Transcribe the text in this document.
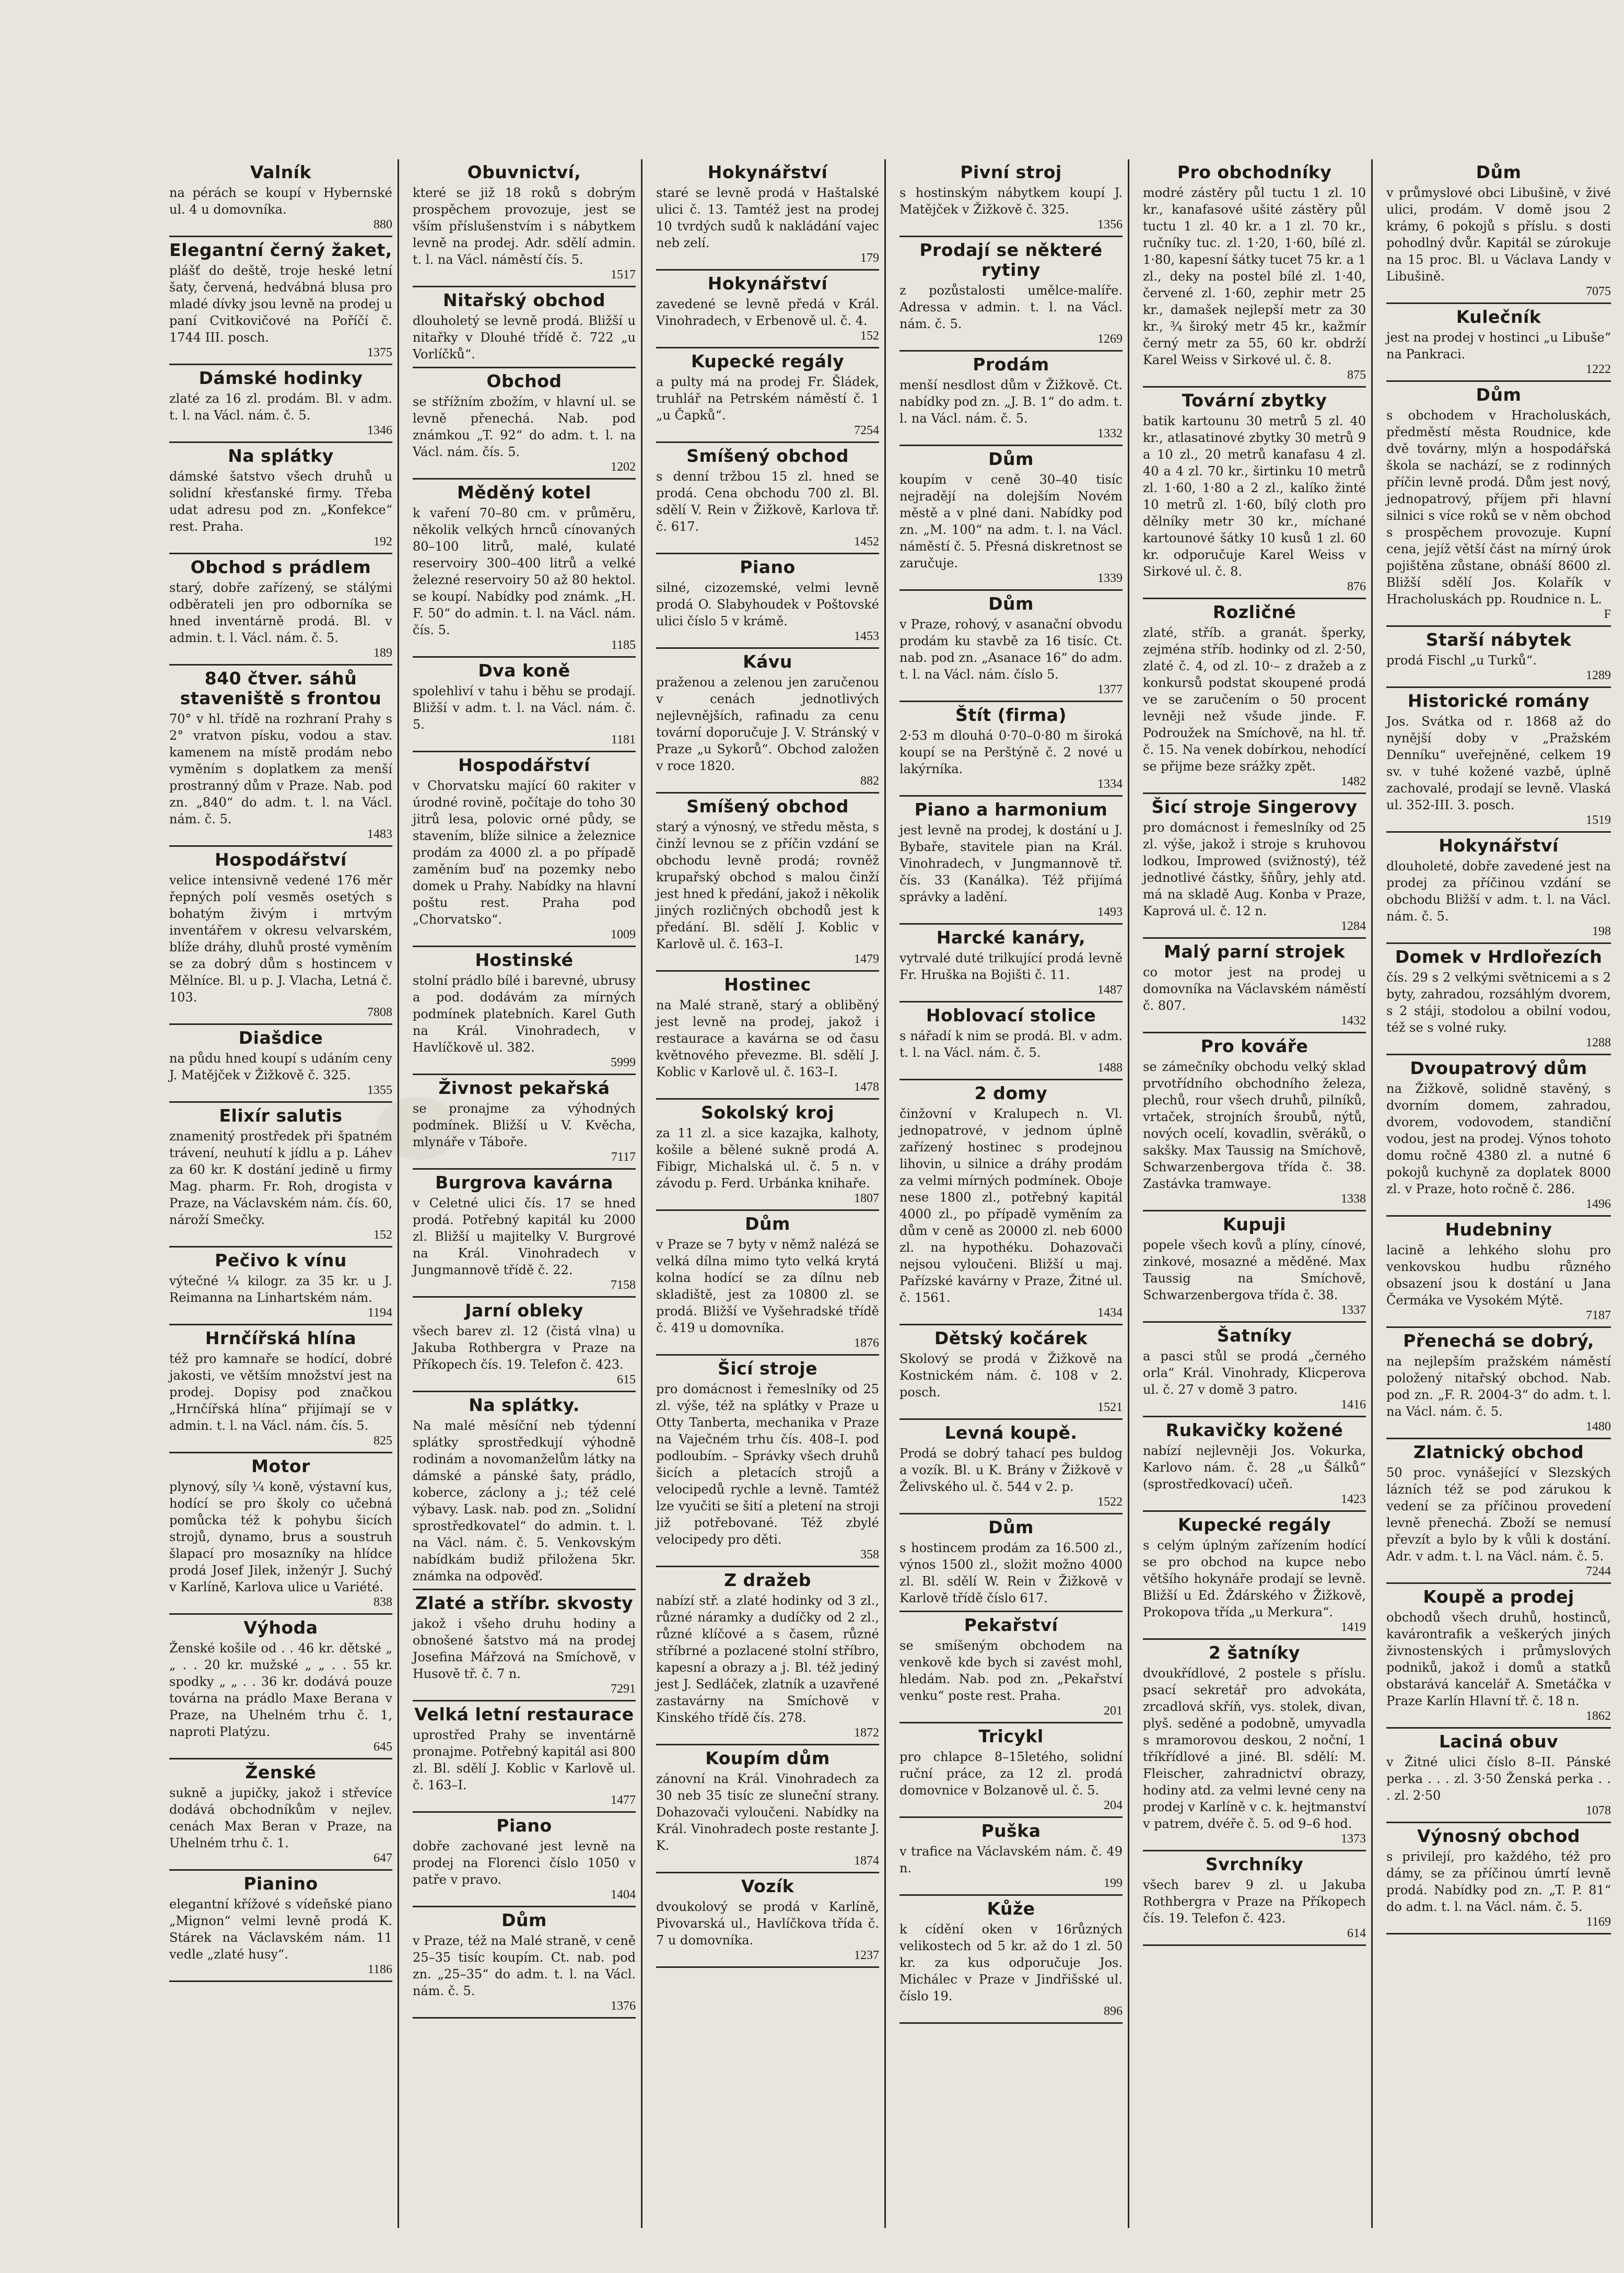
Valník

na pérách se koupí v Hybernské ul. 4 u domovníka.

880
Elegantní černý žaket,

plášť do deště, troje heské letní šaty, červená, hedvábná blusa pro mladé dívky jsou levně na prodej u paní Cvitkovičové na Poříčí č. 1744 III. posch.

1375
Dámské hodinky

zlaté za 16 zl. prodám. Bl. v adm. t. l. na Václ. nám. č. 5.

1346
Na splátky

dámské šatstvo všech druhů u solidní křesťanské firmy. Třeba udat adresu pod zn. „Konfekce“ rest. Praha.

192
Obchod s prádlem

starý, dobře zařízený, se stálými odběrateli jen pro odborníka se hned inventárně prodá. Bl. v admin. t. l. Václ. nám. č. 5.

189
840 čtver. sáhů staveniště s frontou

70° v hl. třídě na rozhraní Prahy s 2° vratvon písku, vodou a stav. kamenem na místě prodám nebo vyměním s doplatkem za menší prostranný dům v Praze. Nab. pod zn. „840“ do adm. t. l. na Václ. nám. č. 5.

1483
Hospodářství

velice intensivně vedené 176 měr řepných polí vesměs osetých s bohatým živým i mrtvým inventářem v okresu velvarském, blíže dráhy, dluhů prosté vyměním se za dobrý dům s hostincem v Mělníce. Bl. u p. J. Vlacha, Letná č. 103.

7808
Diašdice

na půdu hned koupí s udáním ceny J. Matějček v Žižkově č. 325.

1355
Elixír salutis

znamenitý prostředek při špatném trávení, neuhutí k jídlu a p. Láhev za 60 kr. K dostání jedině u firmy Mag. pharm. Fr. Roh, drogista v Praze, na Václavském nám. čís. 60, nároží Smečky.

152
Pečivo k vínu

výtečné ¼ kilogr. za 35 kr. u J. Reimanna na Linhartském nám.

1194
Hrnčířská hlína

též pro kamnaře se hodící, dobré jakosti, ve větším množství jest na prodej. Dopisy pod značkou „Hrnčířská hlína“ přijímají se v admin. t. l. na Václ. nám. čís. 5.

825
Motor

plynový, síly ¼ koně, výstavní kus, hodící se pro školy co učebná pomůcka též k pohybu šicích strojů, dynamo, brus a soustruh šlapací pro mosazníky na hlídce prodá Josef Jilek, inženýr J. Suchý v Karlíně, Karlova ulice u Variété.

838
Výhoda

Ženské košile od . . 46 kr. dětské „ „ . . 20 kr. mužské „ „ . . 55 kr. spodky „ „ . . 36 kr. dodává pouze továrna na prádlo Maxe Berana v Praze, na Uhelném trhu č. 1, naproti Platýzu.

645
Ženské

sukně a jupičky, jakož i střevíce dodává obchodníkům v nejlev. cenách Max Beran v Praze, na Uhelném trhu č. 1.

647
Pianino

elegantní křížové s vídeňské piano „Mignon“ velmi levně prodá K. Stárek na Václavském nám. 11 vedle „zlaté husy“.

1186
Obuvnictví,

které se již 18 roků s dobrým prospěchem provozuje, jest se vším příslušenstvím i s nábytkem levně na prodej. Adr. sdělí admin. t. l. na Václ. náměstí čís. 5.

1517
Nitařský obchod

dlouholetý se levně prodá. Bližší u nitařky v Dlouhé třídě č. 722 „u Vorlíčků“.

Obchod

se střížním zbožím, v hlavní ul. se levně přenechá. Nab. pod známkou „T. 92“ do adm. t. l. na Václ. nám. čís. 5.

1202
Měděný kotel

k vaření 70–80 cm. v průměru, několik velkých hrnců cínovaných 80–100 litrů, malé, kulaté reservoiry 300–400 litrů a velké železné reservoiry 50 až 80 hektol. se koupí. Nabídky pod známk. „H. F. 50“ do admin. t. l. na Václ. nám. čís. 5.

1185
Dva koně

spolehliví v tahu i běhu se prodají. Bližší v adm. t. l. na Václ. nám. č. 5.

1181
Hospodářství

v Chorvatsku mající 60 rakiter v úrodné rovině, počítaje do toho 30 jitrů lesa, polovic orné půdy, se stavením, blíže silnice a železnice prodám za 4000 zl. a po případě zaměním buď na pozemky nebo domek u Prahy. Nabídky na hlavní poštu rest. Praha pod „Chorvatsko“.

1009
Hostinské

stolní prádlo bílé i barevné, ubrusy a pod. dodávám za mírných podmínek platebních. Karel Guth na Král. Vinohradech, v Havlíčkově ul. 382.

5999
Živnost pekařská

se pronajme za výhodných podmínek. Bližší u V. Kvěcha, mlynáře v Táboře.

7117
Burgrova kavárna

v Celetné ulici čís. 17 se hned prodá. Potřebný kapitál ku 2000 zl. Bližší u majitelky V. Burgrové na Král. Vinohradech v Jungmannově třídě č. 22.

7158
Jarní obleky

všech barev zl. 12 (čistá vlna) u Jakuba Rothbergra v Praze na Příkopech čís. 19. Telefon č. 423.

615
Na splátky.

Na malé měsíční neb týdenní splátky sprostředkují výhodně rodinám a novomanželům látky na dámské a pánské šaty, prádlo, koberce, záclony a j.; též celé výbavy. Lask. nab. pod zn. „Solidní sprostředkovatel“ do admin. t. l. na Václ. nám. č. 5. Venkovským nabídkám budiž přiložena 5kr. známka na odpověď.

Zlaté a stříbr. skvosty

jakož i všeho druhu hodiny a obnošené šatstvo má na prodej Josefina Mářzová na Smíchově, v Husově tř. č. 7 n.

7291
Velká letní restaurace

uprostřed Prahy se inventárně pronajme. Potřebný kapitál asi 800 zl. Bl. sdělí J. Koblic v Karlově ul. č. 163–I.

1477
Piano

dobře zachované jest levně na prodej na Florenci číslo 1050 v patře v pravo.

1404
Dům

v Praze, též na Malé straně, v ceně 25–35 tisíc koupím. Ct. nab. pod zn. „25–35“ do adm. t. l. na Václ. nám. č. 5.

1376
Hokynářství

staré se levně prodá v Haštalské ulici č. 13. Tamtéž jest na prodej 10 tvrdých sudů k nakládání vajec neb zelí.

179
Hokynářství

zavedené se levně předá v Král. Vinohradech, v Erbenově ul. č. 4.

152
Kupecké regály

a pulty má na prodej Fr. Šládek, truhlář na Petrském náměstí č. 1 „u Čapků“.

7254
Smíšený obchod

s denní tržbou 15 zl. hned se prodá. Cena obchodu 700 zl. Bl. sdělí V. Rein v Žižkově, Karlova tř. č. 617.

1452
Piano

silné, cizozemské, velmi levně prodá O. Slabyhoudek v Poštovské ulici číslo 5 v krámě.

1453
Kávu

praženou a zelenou jen zaručenou v cenách jednotlivých nejlevnějších, rafinadu za cenu tovární doporučuje J. V. Stránský v Praze „u Sykorů“. Obchod založen v roce 1820.

882
Smíšený obchod

starý a výnosný, ve středu města, s činží levnou se z příčin vzdání se obchodu levně prodá; rovněž krupařský obchod s malou činží jest hned k předání, jakož i několik jiných rozličných obchodů jest k předání. Bl. sdělí J. Koblic v Karlově ul. č. 163–I.

1479
Hostinec

na Malé straně, starý a obliběný jest levně na prodej, jakož i restaurace a kavárna se od času květnového převezme. Bl. sdělí J. Koblic v Karlově ul. č. 163–I.

1478
Sokolský kroj

za 11 zl. a sice kazajka, kalhoty, košile a bělené sukně prodá A. Fibigr, Michalská ul. č. 5 n. v závodu p. Ferd. Urbánka knihaře.

1807
Dům

v Praze se 7 byty v němž nalézá se velká dílna mimo tyto velká krytá kolna hodící se za dílnu neb skladiště, jest za 10800 zl. se prodá. Bližší ve Vyšehradské třídě č. 419 u domovníka.

1876
Šicí stroje

pro domácnost i řemeslníky od 25 zl. výše, též na splátky v Praze u Otty Tanberta, mechanika v Praze na Vaječném trhu čís. 408–I. pod podloubím. – Správky všech druhů šicích a pletacích strojů a velocipedů rychle a levně. Tamtéž lze vyučiti se šití a pletení na stroji již potřebované. Též zbylé velocipedy pro děti.

358
Z dražeb

nabízí stř. a zlaté hodinky od 3 zl., různé náramky a dudíčky od 2 zl., různé klíčové a s časem, různé stříbrné a pozlacené stolní stříbro, kapesní a obrazy a j. Bl. též jediný jest J. Sedláček, zlatník a uzavřené zastavárny na Smíchově v Kinského třídě čís. 278.

1872
Koupím dům

zánovní na Král. Vinohradech za 30 neb 35 tisíc ze sluneční strany. Dohazovači vyloučeni. Nabídky na Král. Vinohradech poste restante J. K.

1874
Vozík

dvoukolový se prodá v Karlíně, Pivovarská ul., Havlíčkova třída č. 7 u domovníka.

1237
Pivní stroj

s hostinským nábytkem koupí J. Matějček v Žižkově č. 325.

1356
Prodají se některé rytiny

z pozůstalosti umělce-malíře. Adressa v admin. t. l. na Václ. nám. č. 5.

1269
Prodám

menší nesdlost dům v Žižkově. Ct. nabídky pod zn. „J. B. 1“ do adm. t. l. na Václ. nám. č. 5.

1332
Dům

koupím v ceně 30–40 tisíc nejradějí na dolejším Novém městě a v plné dani. Nabídky pod zn. „M. 100“ na adm. t. l. na Václ. náměstí č. 5. Přesná diskretnost se zaručuje.

1339
Dům

v Praze, rohový, v asanační obvodu prodám ku stavbě za 16 tisíc. Ct. nab. pod zn. „Asanace 16“ do adm. t. l. na Václ. nám. číslo 5.

1377
Štít (firma)

2·53 m dlouhá 0·70–0·80 m široká koupí se na Perštýně č. 2 nové u lakýrníka.

1334
Piano a harmonium

jest levně na prodej, k dostání u J. Bybaře, stavitele pian na Král. Vinohradech, v Jungmannově tř. čís. 33 (Kanálka). Též přijímá správky a ladění.

1493
Harcké kanáry,

vytrvalé duté trilkující prodá levně Fr. Hruška na Bojišti č. 11.

1487
Hoblovací stolice

s nářadí k nim se prodá. Bl. v adm. t. l. na Václ. nám. č. 5.

1488
2 domy

činžovní v Kralupech n. Vl. jednopatrové, v jednom úplně zařízený hostinec s prodejnou lihovin, u silnice a dráhy prodám za velmi mírných podmínek. Oboje nese 1800 zl., potřebný kapitál 4000 zl., po případě vyměním za dům v ceně as 20000 zl. neb 6000 zl. na hypothéku. Dohazovači nejsou vyloučeni. Bližší u maj. Pařízské kavárny v Praze, Žitné ul. č. 1561.

1434
Dětský kočárek

Skolový se prodá v Žižkově na Kostnickém nám. č. 108 v 2. posch.

1521
Levná koupě.

Prodá se dobrý tahací pes buldog a vozík. Bl. u K. Brány v Žižkově v Želivského ul. č. 544 v 2. p.

1522
Dům

s hostincem prodám za 16.500 zl., výnos 1500 zl., složit možno 4000 zl. Bl. sdělí W. Rein v Žižkově v Karlově třídě číslo 617.

Pekařství

se smíšeným obchodem na venkově kde bych si zavést mohl, hledám. Nab. pod zn. „Pekařství venku“ poste rest. Praha.

201
Tricykl

pro chlapce 8–15letého, solidní ruční práce, za 12 zl. prodá domovnice v Bolzanově ul. č. 5.

204
Puška

v trafice na Václavském nám. č. 49 n.

199
Kůže

k cídění oken v 16různých velikostech od 5 kr. až do 1 zl. 50 kr. za kus odporučuje Jos. Michálec v Praze v Jindřišské ul. číslo 19.

896
Pro obchodníky

modré zástěry půl tuctu 1 zl. 10 kr., kanafasové ušité zástěry půl tuctu 1 zl. 40 kr. a 1 zl. 70 kr., ručníky tuc. zl. 1·20, 1·60, bílé zl. 1·80, kapesní šátky tucet 75 kr. a 1 zl., deky na postel bílé zl. 1·40, červené zl. 1·60, zephir metr 25 kr., damašek nejlepší metr za 30 kr., ¾ široký metr 45 kr., kažmír černý metr za 55, 60 kr. obdrží Karel Weiss v Sirkové ul. č. 8.

875
Tovární zbytky

batik kartounu 30 metrů 5 zl. 40 kr., atlasatinové zbytky 30 metrů 9 a 10 zl., 20 metrů kanafasu 4 zl. 40 a 4 zl. 70 kr., širtinku 10 metrů zl. 1·60, 1·80 a 2 zl., kalíko žinté 10 metrů zl. 1·60, bílý cloth pro dělníky metr 30 kr., míchané kartounové šátky 10 kusů 1 zl. 60 kr. odporučuje Karel Weiss v Sirkové ul. č. 8.

876
Rozličné

zlaté, stříb. a granát. šperky, zejména stříb. hodinky od zl. 2·50, zlaté č. 4, od zl. 10·– z dražeb a z konkursů podstat skoupené prodá ve se zaručením o 50 procent levněji než všude jinde. F. Podroužek na Smíchově, na hl. tř. č. 15. Na venek dobírkou, nehodící se přijme beze srážky zpět.

1482
Šicí stroje Singerovy

pro domácnost i řemeslníky od 25 zl. výše, jakož i stroje s kruhovou lodkou, Improwed (svižnostý), též jednotlivé částky, šňůry, jehly atd. má na skladě Aug. Konba v Praze, Kaprová ul. č. 12 n.

1284
Malý parní strojek

co motor jest na prodej u domovníka na Václavském náměstí č. 807.

1432
Pro kováře

se zámečníky obchodu velký sklad prvotřídního obchodního železa, plechů, rour všech druhů, pilníků, vrtaček, strojních šroubů, nýtů, nových ocelí, kovadlin, svěráků, o sakšky. Max Taussig na Smíchově, Schwarzenbergova třída č. 38. Zastávka tramwaye.

1338
Kupuji

popele všech kovů a plíny, cínové, zinkové, mosazné a měděné. Max Taussig na Smíchově, Schwarzenbergova třída č. 38.

1337
Šatníky

a pasci stůl se prodá „černého orla“ Král. Vinohrady, Klicperova ul. č. 27 v domě 3 patro.

1416
Rukavičky kožené

nabízí nejlevněji Jos. Vokurka, Karlovo nám. č. 28 „u Šálků“ (sprostředkovací) učeň.

1423
Kupecké regály

s celým úplným zařízením hodící se pro obchod na kupce nebo většího hokynáře prodají se levně. Bližší u Ed. Ždárského v Žižkově, Prokopova třída „u Merkura“.

1419
2 šatníky

dvoukřídlové, 2 postele s příslu. psací sekretář pro advokáta, zrcadlová skříň, vys. stolek, divan, plyš. seděné a podobně, umyvadla s mramorovou deskou, 2 noční, 1 tříkřídlové a jiné. Bl. sdělí: M. Fleischer, zahradnictví obrazy, hodiny atd. za velmi levné ceny na prodej v Karlíně v c. k. hejtmanství v patrem, dvéře č. 5. od 9–6 hod.

1373
Svrchníky

všech barev 9 zl. u Jakuba Rothbergra v Praze na Příkopech čís. 19. Telefon č. 423.

614
Dům

v průmyslové obci Libušině, v živé ulici, prodám. V domě jsou 2 krámy, 6 pokojů s příslu. s dosti pohodlný dvůr. Kapitál se zúrokuje na 15 proc. Bl. u Václava Landy v Libušině.

7075
Kulečník

jest na prodej v hostinci „u Libuše“ na Pankraci.

1222
Dům

s obchodem v Hracholuskách, předměstí města Roudnice, kde dvě továrny, mlýn a hospodářská škola se nachází, se z rodinných příčin levně prodá. Dům jest nový, jednopatrový, příjem při hlavní silnici s více roků se v něm obchod s prospěchem provozuje. Kupní cena, jejíž větší část na mírný úrok pojištěna zůstane, obnáší 8600 zl. Bližší sdělí Jos. Kolařík v Hracholuskách pp. Roudnice n. L.

F
Starší nábytek

prodá Fischl „u Turků“.

1289
Historické romány

Jos. Svátka od r. 1868 až do nynější doby v „Pražském Denníku“ uveřejněné, celkem 19 sv. v tuhé kožené vazbě, úplně zachovalé, prodají se levně. Vlaská ul. 352-III. 3. posch.

1519
Hokynářství

dlouholeté, dobře zavedené jest na prodej za příčinou vzdání se obchodu Bližší v adm. t. l. na Václ. nám. č. 5.

198
Domek v Hrdlořezích

čís. 29 s 2 velkými světnicemi a s 2 byty, zahradou, rozsáhlým dvorem, s 2 stáji, stodolou a obilní vodou, též se s volné ruky.

1288
Dvoupatrový dům

na Žižkově, solidně stavěný, s dvorním domem, zahradou, dvorem, vodovodem, standiční vodou, jest na prodej. Výnos tohoto domu ročně 4380 zl. a nutné 6 pokojů kuchyně za doplatek 8000 zl. v Praze, hoto ročně č. 286.

1496
Hudebniny

lacině a lehkého slohu pro venkovskou hudbu různého obsazení jsou k dostání u Jana Čermáka ve Vysokém Mýtě.

7187
Přenechá se dobrý,

na nejlepším pražském náměstí položený nitařský obchod. Nab. pod zn. „F. R. 2004-3“ do adm. t. l. na Václ. nám. č. 5.

1480
Zlatnický obchod

50 proc. vynášející v Slezských lázních též se pod zárukou k vedení se za příčinou provedení levně přenechá. Zboží se nemusí převzít a bylo by k vůli k dostání. Adr. v adm. t. l. na Václ. nám. č. 5.

7244
Koupě a prodej

obchodů všech druhů, hostinců, kavárontrafik a veškerých jiných živnostenských i průmyslových podniků, jakož i domů a statků obstarává kancelář A. Smetáčka v Praze Karlín Hlavní tř. č. 18 n.

1862
Laciná obuv

v Žitné ulici číslo 8–II. Pánské perka . . . zl. 3·50 Ženská perka . . . zl. 2·50

1078
Výnosný obchod

s privilejí, pro každého, též pro dámy, se za příčinou úmrtí levně prodá. Nabídky pod zn. „T. P. 81“ do adm. t. l. na Václ. nám. č. 5.

1169
